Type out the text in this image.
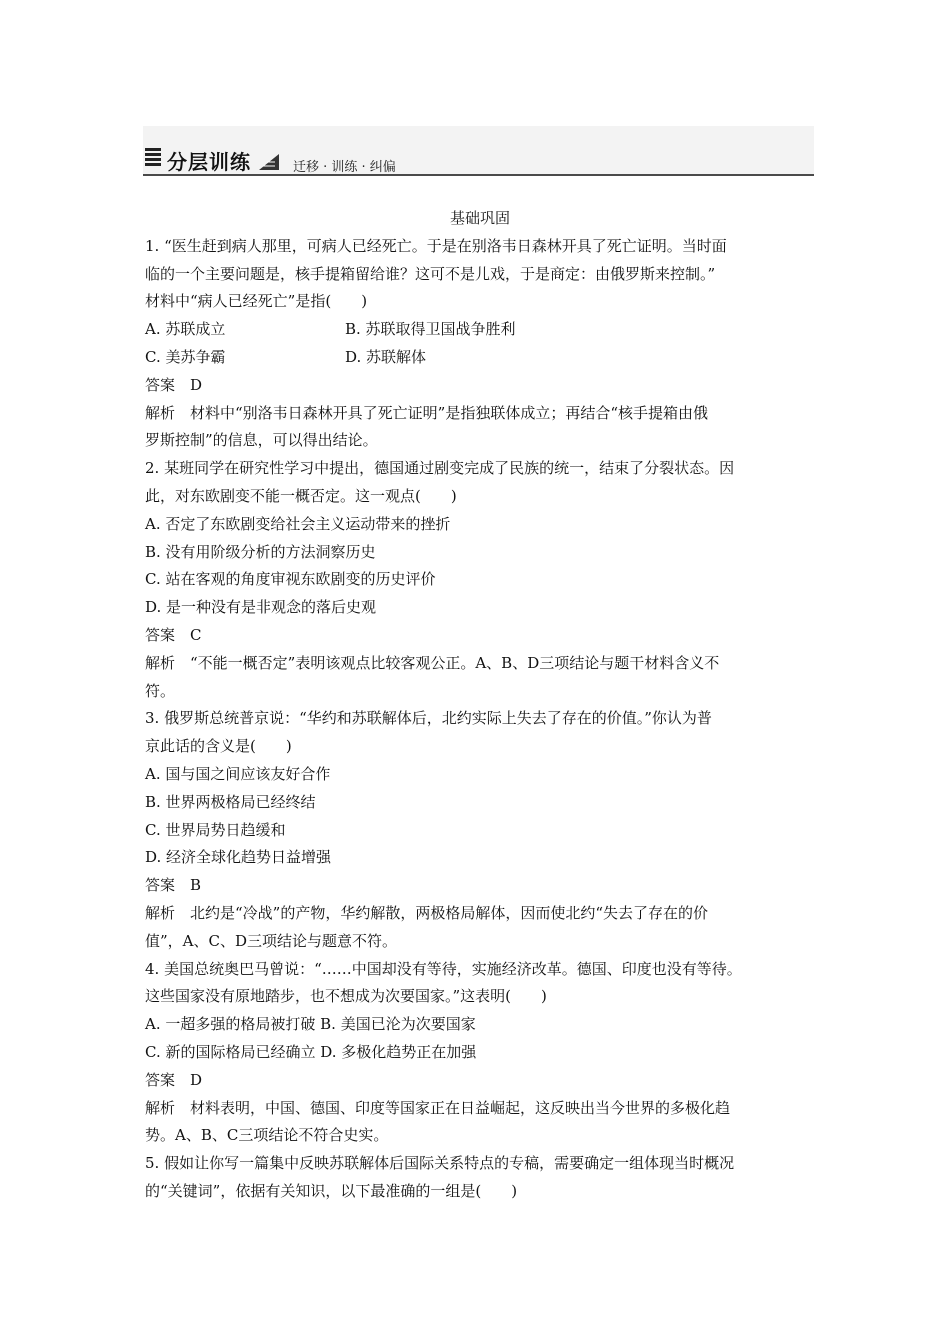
分层训练	迁移 · 训练 · 纠偏

基础巩固

1. “医生赶到病人那里，可病人已经死亡。于是在别洛韦日森林开具了死亡证明。当时面

临的一个主要问题是，核手提箱留给谁？这可不是儿戏，于是商定：由俄罗斯来控制。”

材料中“病人已经死亡”是指(　　)

A. 苏联成立	B. 苏联取得卫国战争胜利

C. 美苏争霸	D. 苏联解体

答案　D

解析　材料中“别洛韦日森林开具了死亡证明”是指独联体成立；再结合“核手提箱由俄

罗斯控制”的信息，可以得出结论。

2. 某班同学在研究性学习中提出，德国通过剧变完成了民族的统一，结束了分裂状态。因

此，对东欧剧变不能一概否定。这一观点(　　)

A. 否定了东欧剧变给社会主义运动带来的挫折

B. 没有用阶级分析的方法洞察历史

C. 站在客观的角度审视东欧剧变的历史评价

D. 是一种没有是非观念的落后史观

答案　C

解析　“不能一概否定”表明该观点比较客观公正。A、B、D三项结论与题干材料含义不

符。

3. 俄罗斯总统普京说：“华约和苏联解体后，北约实际上失去了存在的价值。”你认为普

京此话的含义是(　　)

A. 国与国之间应该友好合作

B. 世界两极格局已经终结

C. 世界局势日趋缓和

D. 经济全球化趋势日益增强

答案　B

解析　北约是“冷战”的产物，华约解散，两极格局解体，因而使北约“失去了存在的价

值”，A、C、D三项结论与题意不符。

4. 美国总统奥巴马曾说：“……中国却没有等待，实施经济改革。德国、印度也没有等待。

这些国家没有原地踏步，也不想成为次要国家。”这表明(　　)

A. 一超多强的格局被打破 B. 美国已沦为次要国家

C. 新的国际格局已经确立 D. 多极化趋势正在加强

答案　D

解析　材料表明，中国、德国、印度等国家正在日益崛起，这反映出当今世界的多极化趋

势。A、B、C三项结论不符合史实。

5. 假如让你写一篇集中反映苏联解体后国际关系特点的专稿，需要确定一组体现当时概况

的“关键词”，依据有关知识，以下最准确的一组是(　　)
